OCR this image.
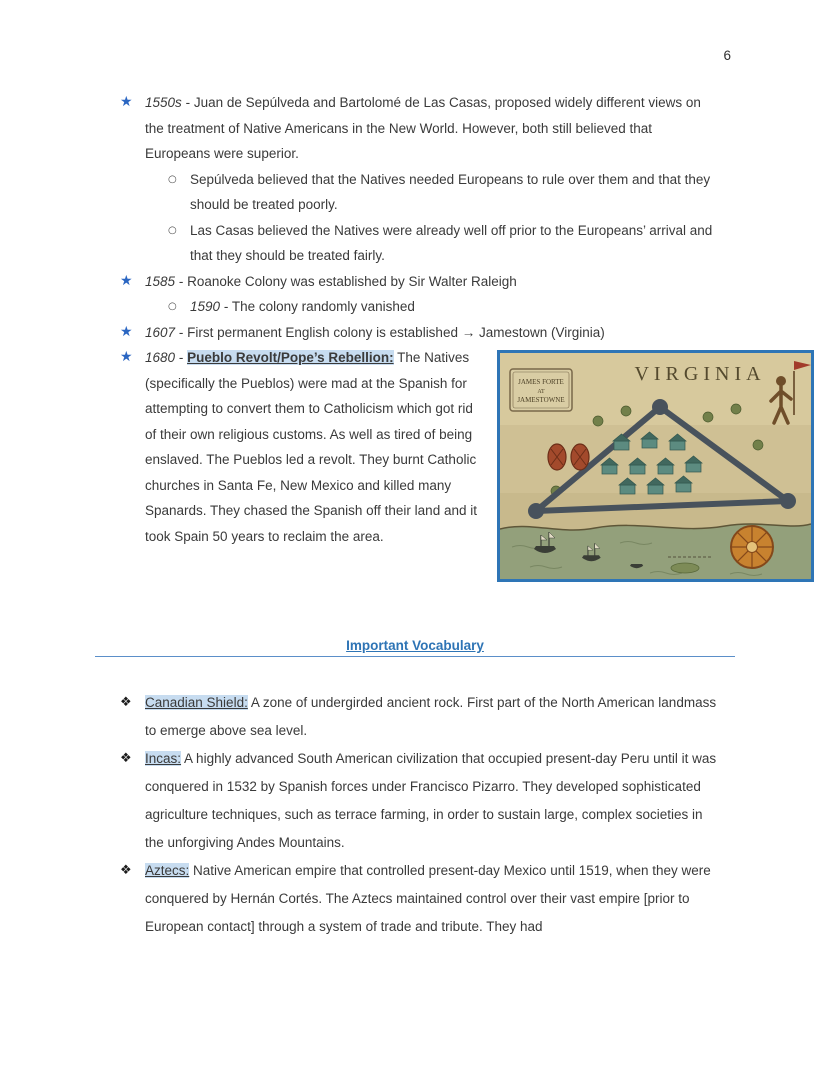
6
★ 1550s - Juan de Sepúlveda and Bartolomé de Las Casas, proposed widely different views on the treatment of Native Americans in the New World. However, both still believed that Europeans were superior.
○ Sepúlveda believed that the Natives needed Europeans to rule over them and that they should be treated poorly.
○ Las Casas believed the Natives were already well off prior to the Europeans’ arrival and that they should be treated fairly.
★ 1585 - Roanoke Colony was established by Sir Walter Raleigh
○ 1590 - The colony randomly vanished
★ 1607 - First permanent English colony is established → Jamestown (Virginia)
★ 1680 - Pueblo Revolt/Pope’s Rebellion: The Natives (specifically the Pueblos) were mad at the Spanish for attempting to convert them to Catholicism which got rid of their own religious customs. As well as tired of being enslaved. The Pueblos led a revolt. They burnt Catholic churches in Santa Fe, New Mexico and killed many Spanards. They chased the Spanish off their land and it took Spain 50 years to reclaim the area.
VIRGINIA
JAMES FORTE
AT
JAMESTOWNE
Important Vocabulary
❖ Canadian Shield: A zone of undergirded ancient rock. First part of the North American landmass to emerge above sea level.
❖ Incas: A highly advanced South American civilization that occupied present-day Peru until it was conquered in 1532 by Spanish forces under Francisco Pizarro. They developed sophisticated agriculture techniques, such as terrace farming, in order to sustain large, complex societies in the unforgiving Andes Mountains.
❖ Aztecs: Native American empire that controlled present-day Mexico until 1519, when they were conquered by Hernán Cortés. The Aztecs maintained control over their vast empire [prior to European contact] through a system of trade and tribute. They had
